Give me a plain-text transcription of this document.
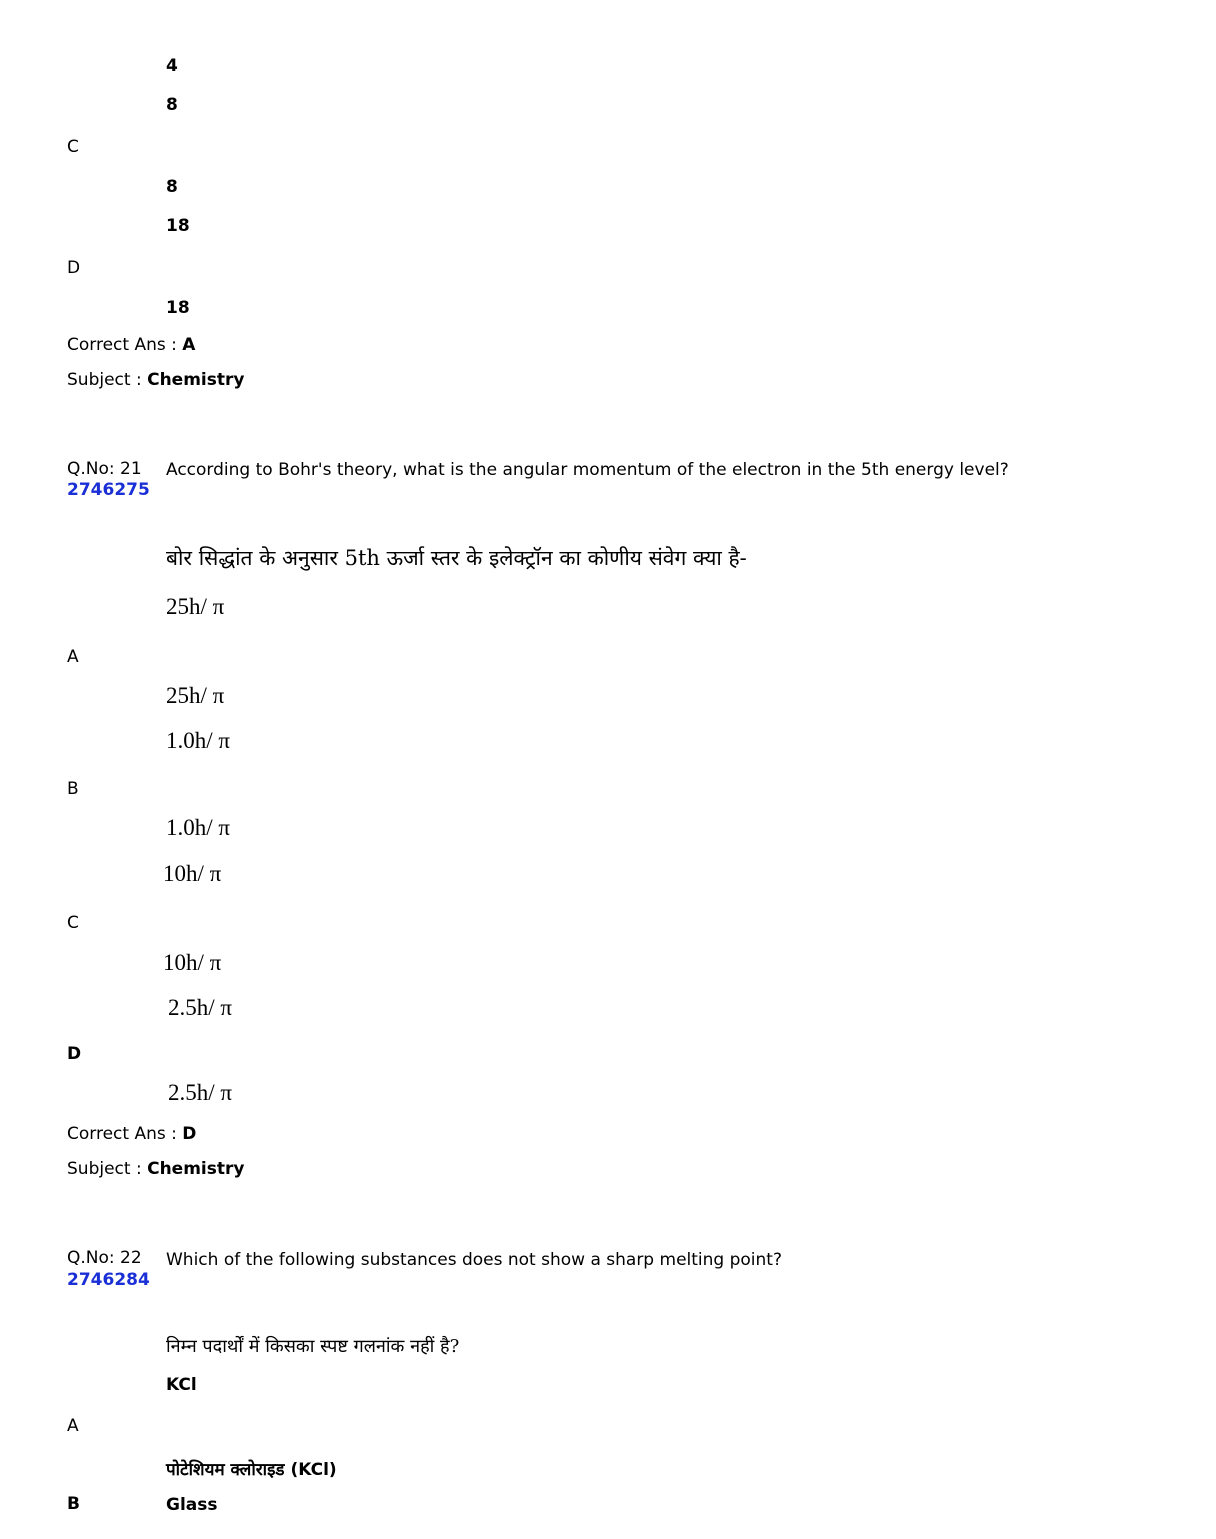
4
8
C
8
18
D
18
Correct Ans : A
Subject : Chemistry
Q.No: 21
2746275
According to Bohr's theory, what is the angular momentum of the electron in the 5th energy level?
बोर सिद्धांत के अनुसार 5th ऊर्जा स्तर के इलेक्ट्रॉन का कोणीय संवेग क्या है-
25h/ π
A
25h/ π
1.0h/ π
B
1.0h/ π
10h/ π
C
10h/ π
2.5h/ π
D
2.5h/ π
Correct Ans : D
Subject : Chemistry
Q.No: 22
2746284
Which of the following substances does not show a sharp melting point?
निम्न पदार्थों में किसका स्पष्ट गलनांक नहीं है?
KCl
A
पोटेशियम क्लोराइड (KCl)
B	Glass
